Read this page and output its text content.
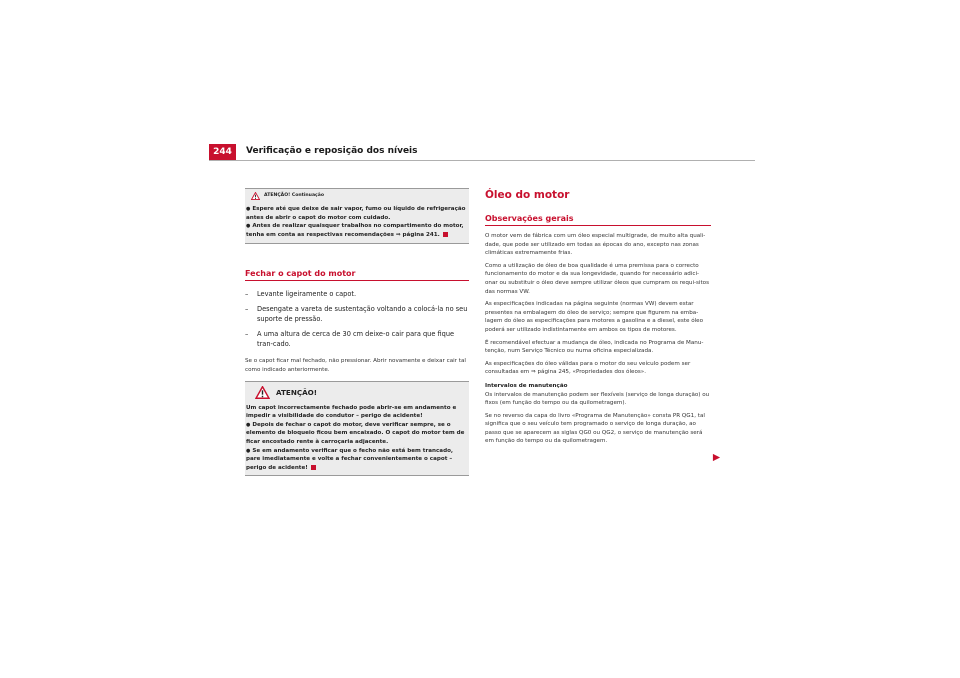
244	Verificação e reposição dos níveis
ATENÇÃO! Continuação

● Espere até que deixe de sair vapor, fumo ou líquido de refrigeração antes de abrir o capot do motor com cuidado.

● Antes de realizar quaisquer trabalhos no compartimento do motor, tenha em conta as respectivas recomendações ⇒ página 241.

Fechar o capot do motor
–	Levante ligeiramente o capot.
–	Desengate a vareta de sustentação voltando a colocá-la no seu suporte de pressão.
–	A uma altura de cerca de 30 cm deixe-o cair para que fique tran-cado.

Se o capot ficar mal fechado, não pressionar. Abrir novamente e deixar cair tal como indicado anteriormente.

ATENÇÃO!

Um capot incorrectamente fechado pode abrir-se em andamento e impedir a visibilidade do condutor – perigo de acidente!

● Depois de fechar o capot do motor, deve verificar sempre, se o elemento de bloqueio ficou bem encaixado. O capot do motor tem de ficar encostado rente à carroçaria adjacente.

● Se em andamento verificar que o fecho não está bem trancado, pare imediatamente e volte a fechar convenientemente o capot – perigo de acidente!

Óleo do motor
Observações gerais

O motor vem de fábrica com um óleo especial multigrade, de muito alta quali-dade, que pode ser utilizado em todas as épocas do ano, excepto nas zonas climáticas extremamente frias.

Como a utilização de óleo de boa qualidade é uma premissa para o correcto funcionamento do motor e da sua longevidade, quando for necessário adici-onar ou substituir o óleo deve sempre utilizar óleos que cumpram os requi-sitos das normas VW.

As especificações indicadas na página seguinte (normas VW) devem estar presentes na embalagem do óleo de serviço; sempre que figurem na emba-lagem do óleo as especificações para motores a gasolina e a diesel, este óleo poderá ser utilizado indistintamente em ambos os tipos de motores.

É recomendável efectuar a mudança de óleo, indicada no Programa de Manu-tenção, num Serviço Técnico ou numa oficina especializada.

As especificações do óleo válidas para o motor do seu veículo podem ser consultadas em ⇒ página 245, «Propriedades dos óleos».

Intervalos de manutenção

Os intervalos de manutenção podem ser flexíveis (serviço de longa duração) ou fixos (em função do tempo ou da quilometragem).

Se no reverso da capa do livro «Programa de Manutenção» consta PR QG1, tal significa que o seu veículo tem programado o serviço de longa duração, ao passo que se aparecem as siglas QG0 ou QG2, o serviço de manutenção será em função do tempo ou da quilometragem.
